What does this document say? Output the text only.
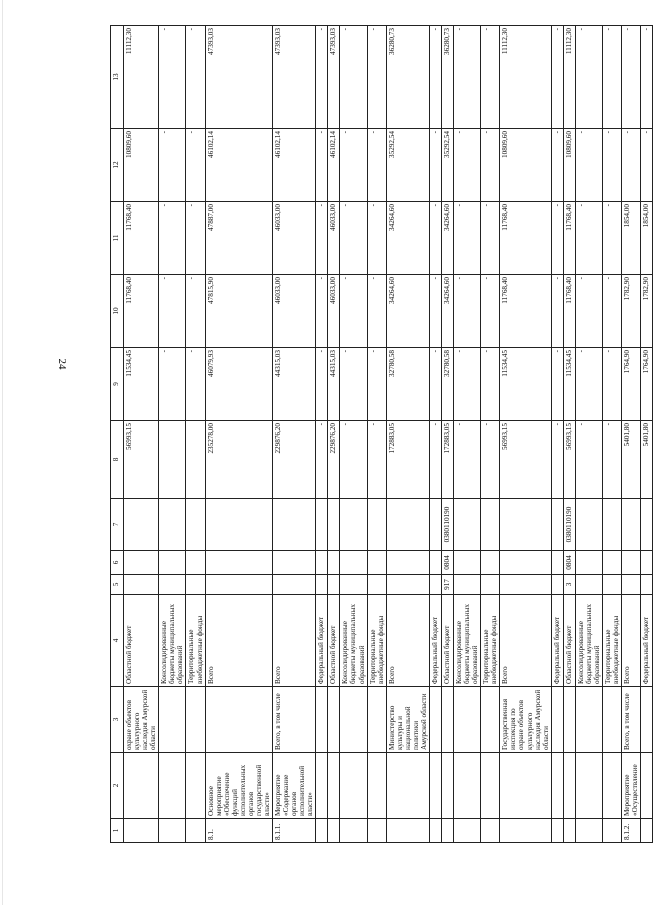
24
1	2	3	4	5	6	7	8	9	10	11	12	13
		охране объектов культурного наследия Амурской области	Областной бюджет				56993,15	11534,45	11768,40	11768,40	10809,60	11112,30
			Консолидированные бюджеты муниципальных образований					-	-	-	-	-
			Территориальные внебюджетные фонды					-	-	-	-	-
8.1.	Основное мероприятие «Обеспечение функций исполнительных органов государственной власти»		Всего				235278,00	46079,93	47815,90	47887,00	46102,14	47393,03
8.1.1.	Мероприятие «Содержание органов исполнительной власти»	Всего, в том числе	Всего				229876,20	44315,03	46033,00	46033,00	46102,14	47393,03
			Федеральный бюджет				-	-	-	-	-	-
			Областной бюджет				229876,20	44315,03	46033,00	46033,00	46102,14	47393,03
			Консолидированные бюджеты муниципальных образований				-	-	-	-	-	-
			Территориальные внебюджетные фонды				-	-	-	-	-	-
		Министерство культуры и национальной политики Амурской области	Всего				172883,05	32780,58	34264,60	34264,60	35292,54	36280,73
			Федеральный бюджет				-	-	-	-	-	-
			Областной бюджет	917	0804	0380110190	172883,05	32780,58	34264,60	34264,60	35292,54	36280,73
			Консолидированные бюджеты муниципальных образований				-	-	-	-	-	-
			Территориальные внебюджетные фонды				-	-	-	-	-	-
		Государственная инспекция по охране объектов культурного наследия Амурской области	Всего				56993,15	11534,45	11768,40	11768,40	10809,60	11112,30
			Федеральный бюджет				-	-	-	-	-	-
			Областной бюджет	3	0804	0380110190	56993,15	11534,45	11768,40	11768,40	10809,60	11112,30
			Консолидированные бюджеты муниципальных образований				-	-	-	-	-	-
			Территориальные внебюджетные фонды				-	-	-	-	-	-
8.1.2.	Мероприятие «Осуществление	Всего, в том числе	Всего				5401,80	1764,90	1782,90	1854,00	-	-
			Федеральный бюджет				5401,80	1764,90	1782,90	1854,00	-	-
